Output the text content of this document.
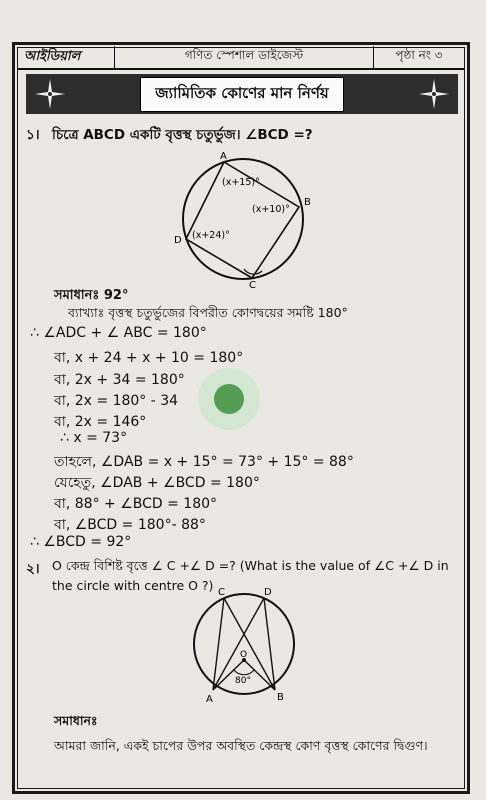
আইডিয়াল	গণিত স্পেশাল ডাইজেস্ট	পৃষ্ঠা নং ৩
জ্যামিতিক কোণের মান নির্ণয়
১। চিত্রে ABCD একটি বৃত্তস্থ চতুর্ভুজ। ∠BCD =?
A
B
C
D
(x+15)°
(x+10)°
(x+24)°
সমাধানঃ 92°
ব্যাখ্যাঃ বৃত্তস্থ চতুর্ভুজের বিপরীত কোণদ্বয়ের সমষ্টি 180°
∴ ∠ADC + ∠ ABC = 180°
বা, x + 24 + x + 10 = 180°
বা, 2x + 34 = 180°
বা, 2x = 180° - 34
বা, 2x = 146°
∴ x = 73°
তাহলে, ∠DAB = x + 15° = 73° + 15° = 88°
যেহেতু, ∠DAB + ∠BCD = 180°
বা, 88° + ∠BCD = 180°
বা, ∠BCD = 180°- 88°
∴ ∠BCD = 92°
২। O কেন্দ্র বিশিষ্ট বৃত্তে ∠ C +∠ D =? (What is the value of ∠C +∠ D in
the circle with centre O ?) C	D
A	B
O
80°
সমাধানঃ
আমরা জানি, একই চাপের উপর অবস্থিত কেন্দ্রস্থ কোণ বৃত্তস্থ কোণের দ্বিগুণ।
